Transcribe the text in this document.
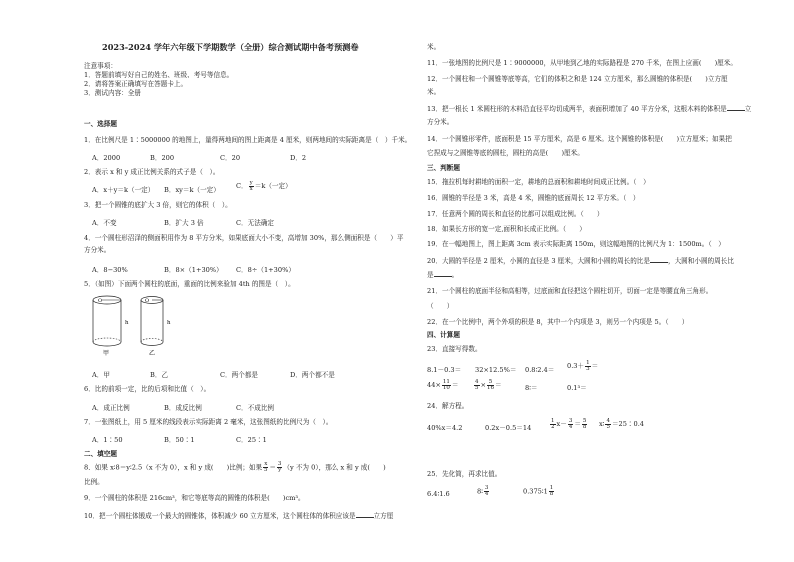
2023-2024 学年六年级下学期数学（全册）综合测试期中备考预测卷
注意事项：
1．答题前填写好自己的姓名、班级、考号等信息。
2．请将答案正确填写在答题卡上。
3．测试内容：全册
一、选择题
1．在比例尺是 1∶5000000 的地图上，量得两地间的图上距离是 4 厘米，则两地间的实际距离是（　）千米。
A．2000	B．200	C．20	D．2
2．表示 x 和 y 成正比例关系的式子是（　）。
A．x＋y＝k（一定） B．xy＝k（一定） C． $\frac{y}{x} =k$（一定）
3．把一个圆锥的底扩大 3 倍，则它的体积（　）。
A．不变	B．扩大 3 倍	C．无法确定
4．一个圆柱形沼泽的侧面积用作为 8 平方分米，如果底面大小不变，高增加 30%，那么侧面积是（　　）平
方分米。
A．8−30%	B．8×（1+30%） C．8÷（1+30%）
5．（如图）下面两个圆柱的底面，重面的比例来验加 4th 的图是（　）。
O
h
甲
O
h
乙
A．甲	B．乙	C．两个都是	D．两个都不是
6．比的前项一定，比的后项和比值（　）。
A．成正比例	B．成反比例	C．不成比例
7．一张图纸上，用 5 厘米的线段表示实际距离 2 毫米，这张图纸的比例尺为（　）。
A．1∶50	B．50∶1	C．25∶1
二、填空题
8．如果 x∶8＝y∶2.5（x 不为 0），x 和 y 成(　　)比例；如果 $\frac{x}{5} = \frac{3}{y} (y$ 不为 0），那么 x 和 y 成(　　)
比例。
9．一个圆柱的体积是 216cm³，和它等底等高的圆锥的体积是(　　)cm³。
10．把一个圆柱体锻成一个最大的圆锥体，体积减少 60 立方厘米，这个圆柱体的体积应该是	立方厘
米。
11．一张地图的比例尺是 1∶9000000，从甲地到乙地的实际路程是 270 千米，在图上应画(　　)厘米。
12．一个圆柱和一个圆锥等底等高，它们的体积之和是 124 立方厘米，那么圆锥的体积是(　　)立方厘
米。
13．把一根长 1 米圆柱形的木料沿直径平均切成两半，表面积增加了 40 平方分米，这根木料的体积是	立
方分米。
14．一个圆锥形零件，底面积是 15 平方厘米，高是 6 厘米。这个圆锥的体积是(　　)立方厘米；如果把
它捏成与之圆锥等底的圆柱，圆柱的高是(　　)厘米。
三、判断题
15．拖拉机每时耕地的面积一定，耕地的总面积和耕地时间成正比例。（　）
16．圆锥的半径是 3 米，高是 4 米，圆锥的底面周长 12 平方米。（　）
17．任意两个圆的周长和直径的比都可以组成比例。（　　）
18．如果长方形的宽一定,面积和长成正比例。（　　）
19．在一幅地图上，图上距离 3cm 表示实际距离 150m，则这幅地图的比例尺为 1：1500m。（　）
20．大圆的半径是 2 厘米，小圆的直径是 3 厘米，大圆和小圆的周长的比是	，大圆和小圆的周长比
是	。
21．一个圆柱的底面半径和高相等，过底面和直径把这个圆柱切开，切面一定是等腰直角三角形。
（　　）
22．在一个比例中，两个外项的积是 8，其中一个内项是 3，则另一个内项是 5。（　　）
四、计算题
23．直接写得数。
8.1－0.3＝ 32×12.5%＝ 0.8∶2.4＝ $0.3+ \frac{1}{3}$ ＝
$44\times \frac{11}{10}$ ＝	$\frac{4}{5} \times \frac{5}{16}$ ＝	8∶＝	0.1³＝
24．解方程。
40%x＝4.2	0.2x－0.5＝14	$\frac{1}{2} x- \frac{3}{4} = \frac{5}{8}$ x∶ $\frac{4}{5}$ ＝25∶0.4
25．先化简，再求比值。
6.4∶1.6	8∶ $\frac{3}{4}$	0.375∶1 $\frac{1}{8}$
